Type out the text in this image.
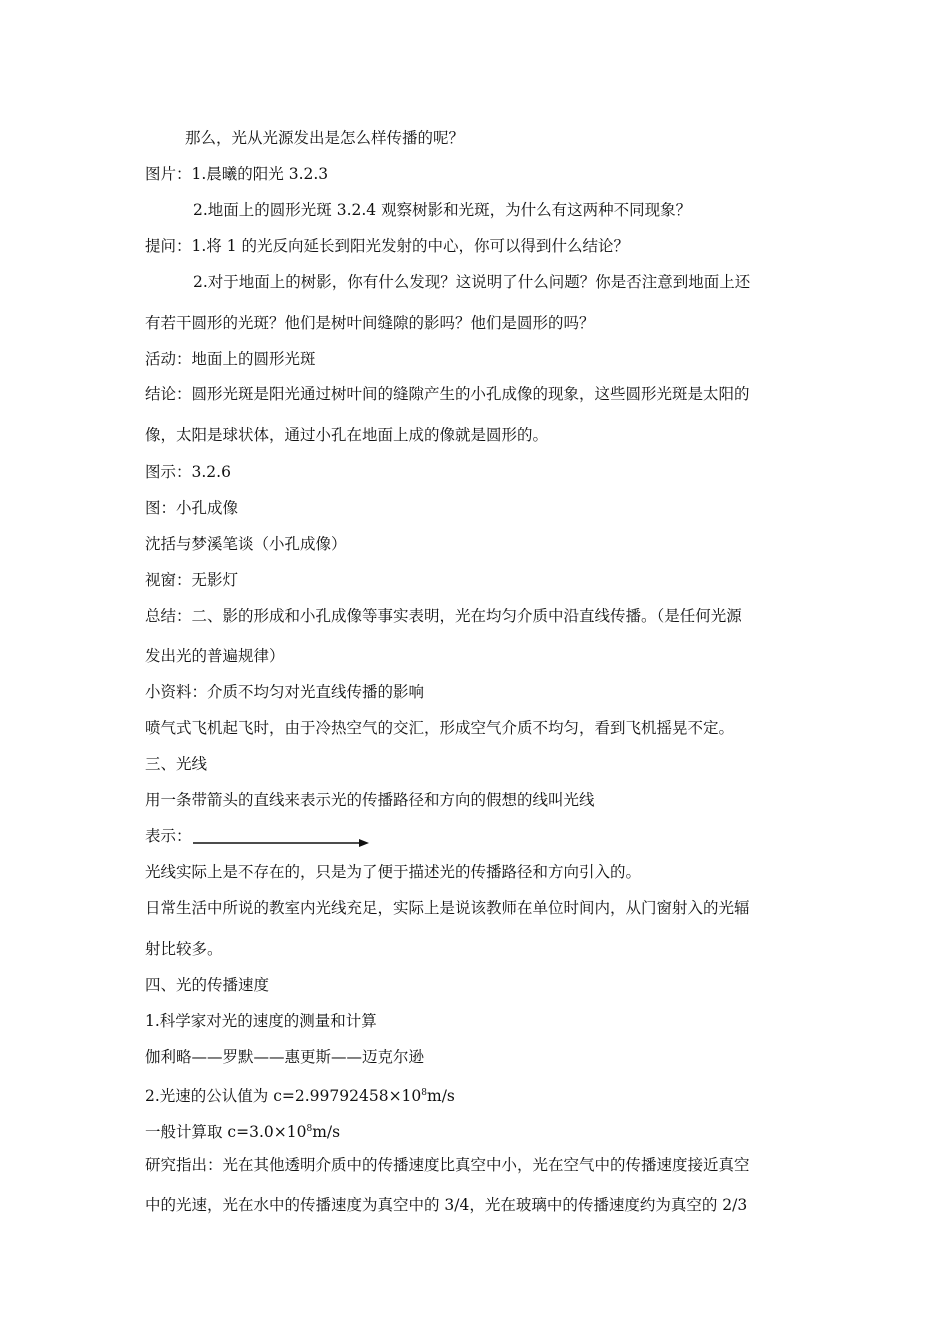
那么，光从光源发出是怎么样传播的呢？
图片：1.晨曦的阳光 3.2.3
2.地面上的圆形光斑 3.2.4 观察树影和光斑，为什么有这两种不同现象？
提问：1.将 1 的光反向延长到阳光发射的中心，你可以得到什么结论？
2.对于地面上的树影，你有什么发现？这说明了什么问题？你是否注意到地面上还
有若干圆形的光斑？他们是树叶间缝隙的影吗？他们是圆形的吗？
活动：地面上的圆形光斑
结论：圆形光斑是阳光通过树叶间的缝隙产生的小孔成像的现象，这些圆形光斑是太阳的
像，太阳是球状体，通过小孔在地面上成的像就是圆形的。
图示：3.2.6
图：小孔成像
沈括与梦溪笔谈（小孔成像）
视窗：无影灯
总结：二、影的形成和小孔成像等事实表明，光在均匀介质中沿直线传播。（是任何光源
发出光的普遍规律）
小资料：介质不均匀对光直线传播的影响
喷气式飞机起飞时，由于冷热空气的交汇，形成空气介质不均匀，看到飞机摇晃不定。
三、光线
用一条带箭头的直线来表示光的传播路径和方向的假想的线叫光线
表示：
光线实际上是不存在的，只是为了便于描述光的传播路径和方向引入的。
日常生活中所说的教室内光线充足，实际上是说该教师在单位时间内，从门窗射入的光辐
射比较多。
四、光的传播速度
1.科学家对光的速度的测量和计算
伽利略——罗默——惠更斯——迈克尔逊
2.光速的公认值为 $c=2.99792458\times 10^8m/s$
一般计算取 $c=3.0\times 10^8m/s$
研究指出：光在其他透明介质中的传播速度比真空中小，光在空气中的传播速度接近真空
中的光速，光在水中的传播速度为真空中的 3/4，光在玻璃中的传播速度约为真空的 2/3
